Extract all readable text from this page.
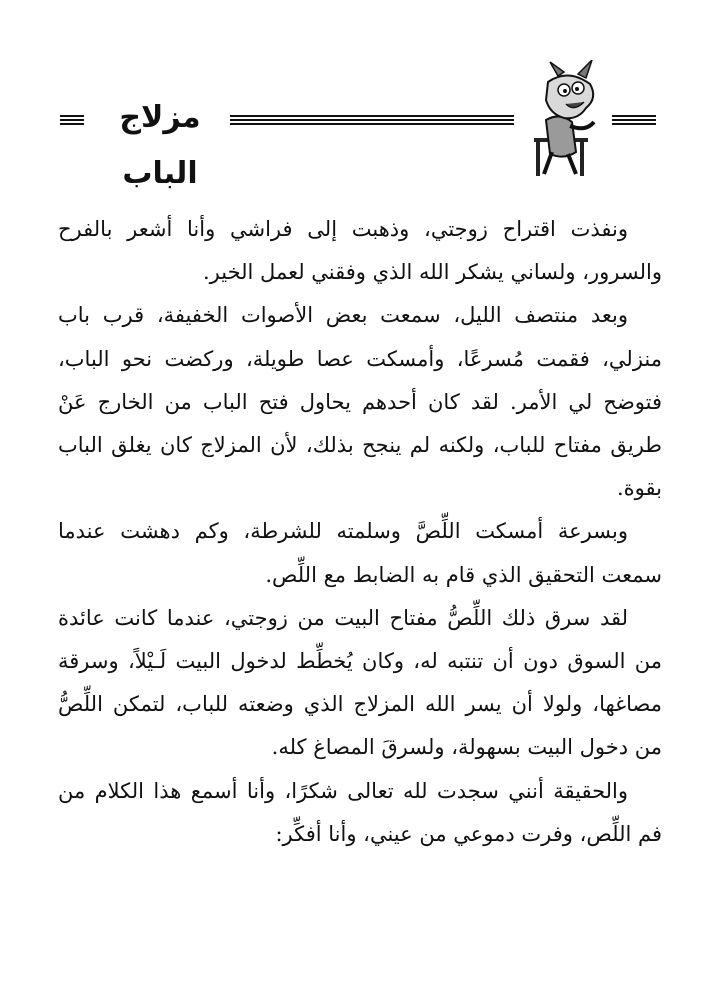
مزلاج الباب

ونفذت اقتراح زوجتي، وذهبت إلى فراشي وأنا أشعر بالفرح والسرور، ولساني يشكر الله الذي وفقني لعمل الخير.

وبعد منتصف الليل، سمعت بعض الأصوات الخفيفة، قرب باب منزلي، فقمت مُسرعًا، وأمسكت عصا طويلة، وركضت نحو الباب، فتوضح لي الأمر. لقد كان أحدهم يحاول فتح الباب من الخارج عَنْ طريق مفتاح للباب، ولكنه لم ينجح بذلك، لأن المزلاج كان يغلق الباب بقوة.

وبسرعة أمسكت اللِّصَّ وسلمته للشرطة، وكم دهشت عندما سمعت التحقيق الذي قام به الضابط مع اللِّص.

لقد سرق ذلك اللِّصُّ مفتاح البيت من زوجتي، عندما كانت عائدة من السوق دون أن تنتبه له، وكان يُخطِّط لدخول البيت لَـيْلاً، وسرقة مصاغها، ولولا أن يسر الله المزلاج الذي وضعته للباب، لتمكن اللِّصُّ من دخول البيت بسهولة، ولسرقَ المصاغ كله.

والحقيقة أنني سجدت لله تعالى شكرًا، وأنا أسمع هذا الكلام من فم اللِّص، وفرت دموعي من عيني، وأنا أفكِّر:
